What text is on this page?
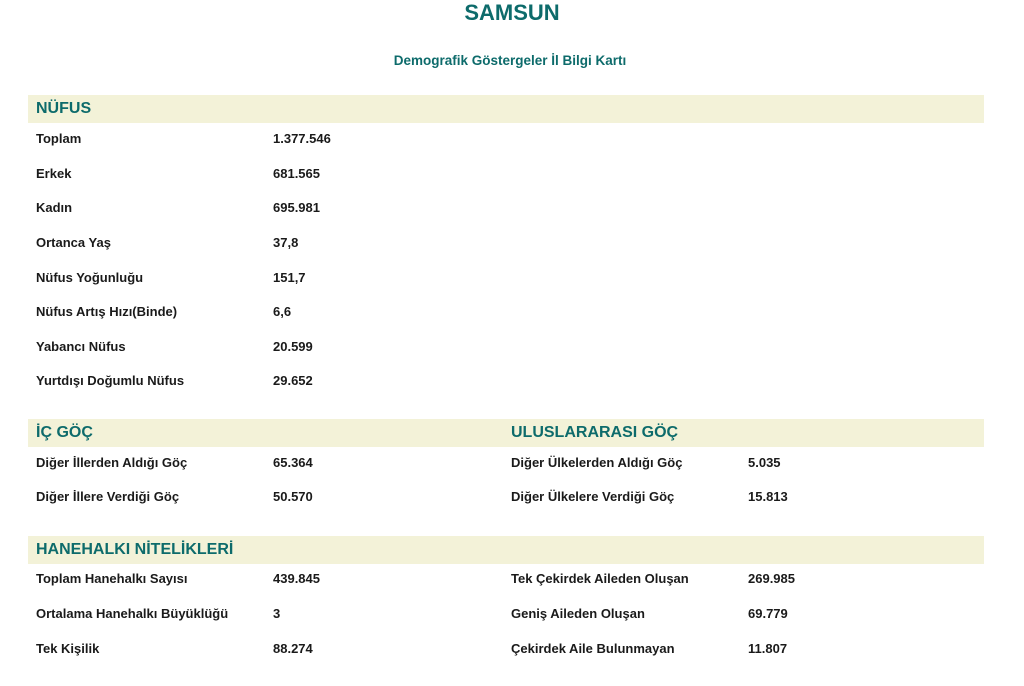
SAMSUN
Demografik Göstergeler İl Bilgi Kartı
NÜFUS
Toplam	1.377.546
Erkek	681.565
Kadın	695.981
Ortanca Yaş	37,8
Nüfus Yoğunluğu	151,7
Nüfus Artış Hızı(Binde)	6,6
Yabancı Nüfus	20.599
Yurtdışı Doğumlu Nüfus	29.652
İÇ GÖÇ	ULUSLARARASI GÖÇ
Diğer İllerden Aldığı Göç	65.364	Diğer Ülkelerden Aldığı Göç	5.035
Diğer İllere Verdiği Göç	50.570	Diğer Ülkelere Verdiği Göç	15.813
HANEHALKI NİTELİKLERİ
Toplam Hanehalkı Sayısı	439.845	Tek Çekirdek Aileden Oluşan	269.985
Ortalama Hanehalkı Büyüklüğü	3	Geniş Aileden Oluşan	69.779
Tek Kişilik	88.274	Çekirdek Aile Bulunmayan	11.807
